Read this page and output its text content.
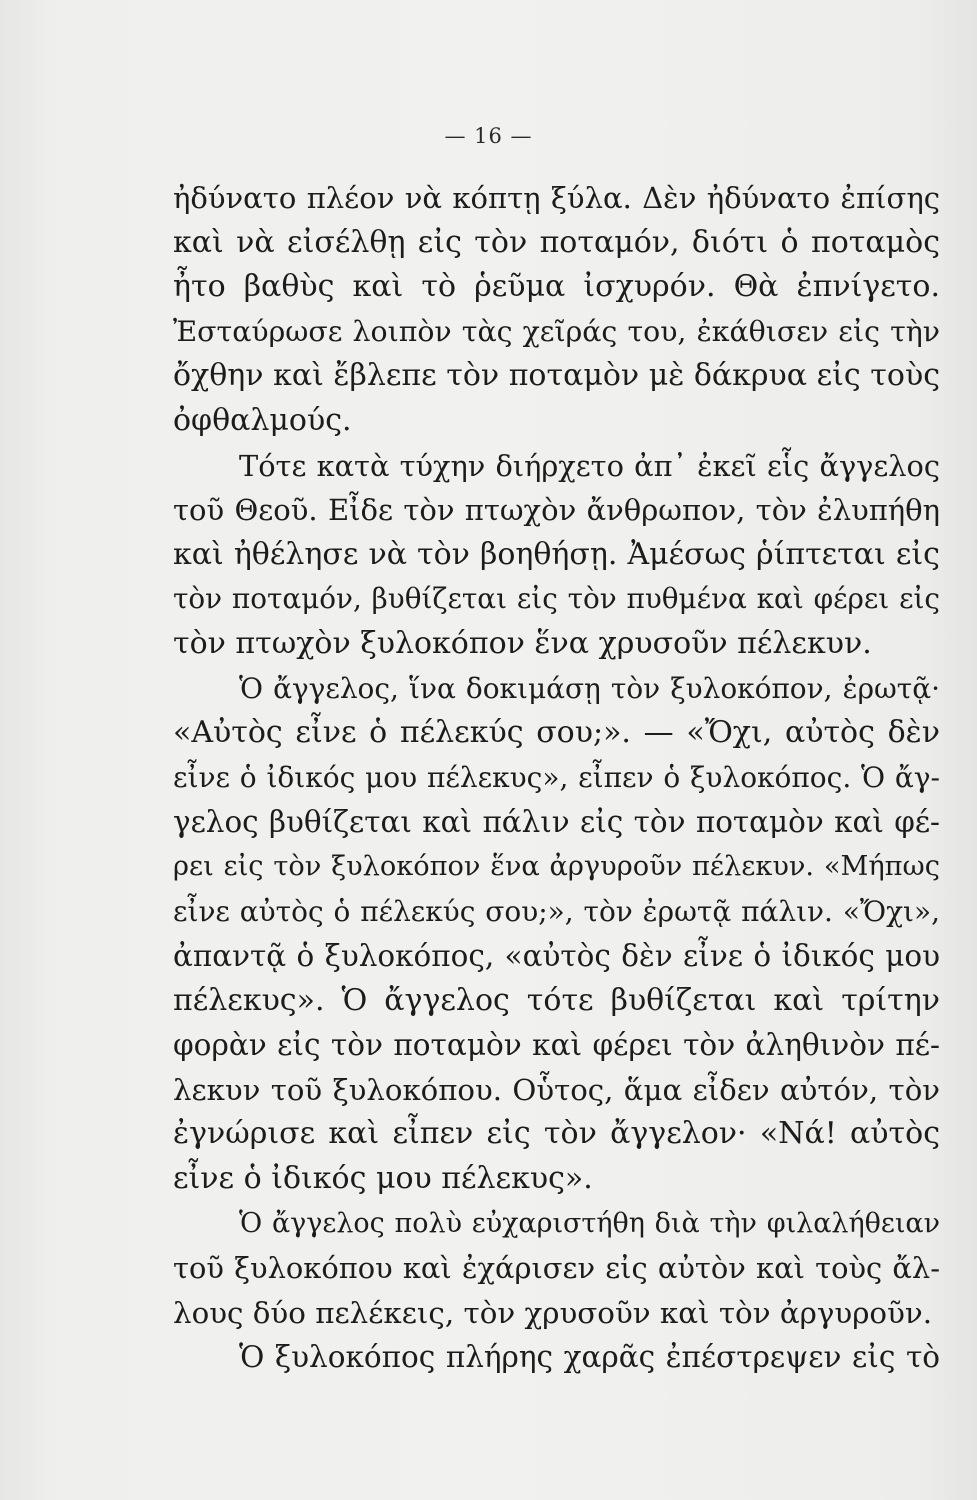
— 16 —
ἠδύνατο πλέον νὰ κόπτῃ ξύλα. Δὲν ἠδύνατο ἐπίσης
καὶ νὰ εἰσέλθῃ εἰς τὸν ποταμόν, διότι ὁ ποταμὸς
ἦτο βαθὺς καὶ τὸ ῥεῦμα ἰσχυρόν. Θὰ ἐπνίγετο.
Ἐσταύρωσε λοιπὸν τὰς χεῖράς του, ἐκάθισεν εἰς τὴν
ὄχθην καὶ ἔβλεπε τὸν ποταμὸν μὲ δάκρυα εἰς τοὺς
ὀφθαλμούς.
Τότε κατὰ τύχην διήρχετο ἀπ᾽ ἐκεῖ εἷς ἄγγελος
τοῦ Θεοῦ. Εἶδε τὸν πτωχὸν ἄνθρωπον, τὸν ἐλυπήθη
καὶ ἠθέλησε νὰ τὸν βοηθήσῃ. Ἀμέσως ῥίπτεται εἰς
τὸν ποταμόν, βυθίζεται εἰς τὸν πυθμένα καὶ φέρει εἰς
τὸν πτωχὸν ξυλοκόπον ἕνα χρυσοῦν πέλεκυν.
Ὁ ἄγγελος, ἵνα δοκιμάσῃ τὸν ξυλοκόπον, ἐρωτᾷ·
«Αὐτὸς εἶνε ὁ πέλεκύς σου;». — «Ὄχι, αὐτὸς δὲν
εἶνε ὁ ἰδικός μου πέλεκυς», εἶπεν ὁ ξυλοκόπος. Ὁ ἄγ-
γελος βυθίζεται καὶ πάλιν εἰς τὸν ποταμὸν καὶ φέ-
ρει εἰς τὸν ξυλοκόπον ἕνα ἀργυροῦν πέλεκυν. «Μήπως
εἶνε αὐτὸς ὁ πέλεκύς σου;», τὸν ἐρωτᾷ πάλιν. «Ὄχι»,
ἀπαντᾷ ὁ ξυλοκόπος, «αὐτὸς δὲν εἶνε ὁ ἰδικός μου
πέλεκυς». Ὁ ἄγγελος τότε βυθίζεται καὶ τρίτην
φορὰν εἰς τὸν ποταμὸν καὶ φέρει τὸν ἀληθινὸν πέ-
λεκυν τοῦ ξυλοκόπου. Οὗτος, ἅμα εἶδεν αὐτόν, τὸν
ἐγνώρισε καὶ εἶπεν εἰς τὸν ἄγγελον· «Νά! αὐτὸς
εἶνε ὁ ἰδικός μου πέλεκυς».
Ὁ ἄγγελος πολὺ εὐχαριστήθη διὰ τὴν φιλαλήθειαν
τοῦ ξυλοκόπου καὶ ἐχάρισεν εἰς αὐτὸν καὶ τοὺς ἄλ-
λους δύο πελέκεις, τὸν χρυσοῦν καὶ τὸν ἀργυροῦν.
Ὁ ξυλοκόπος πλήρης χαρᾶς ἐπέστρεψεν εἰς τὸ
